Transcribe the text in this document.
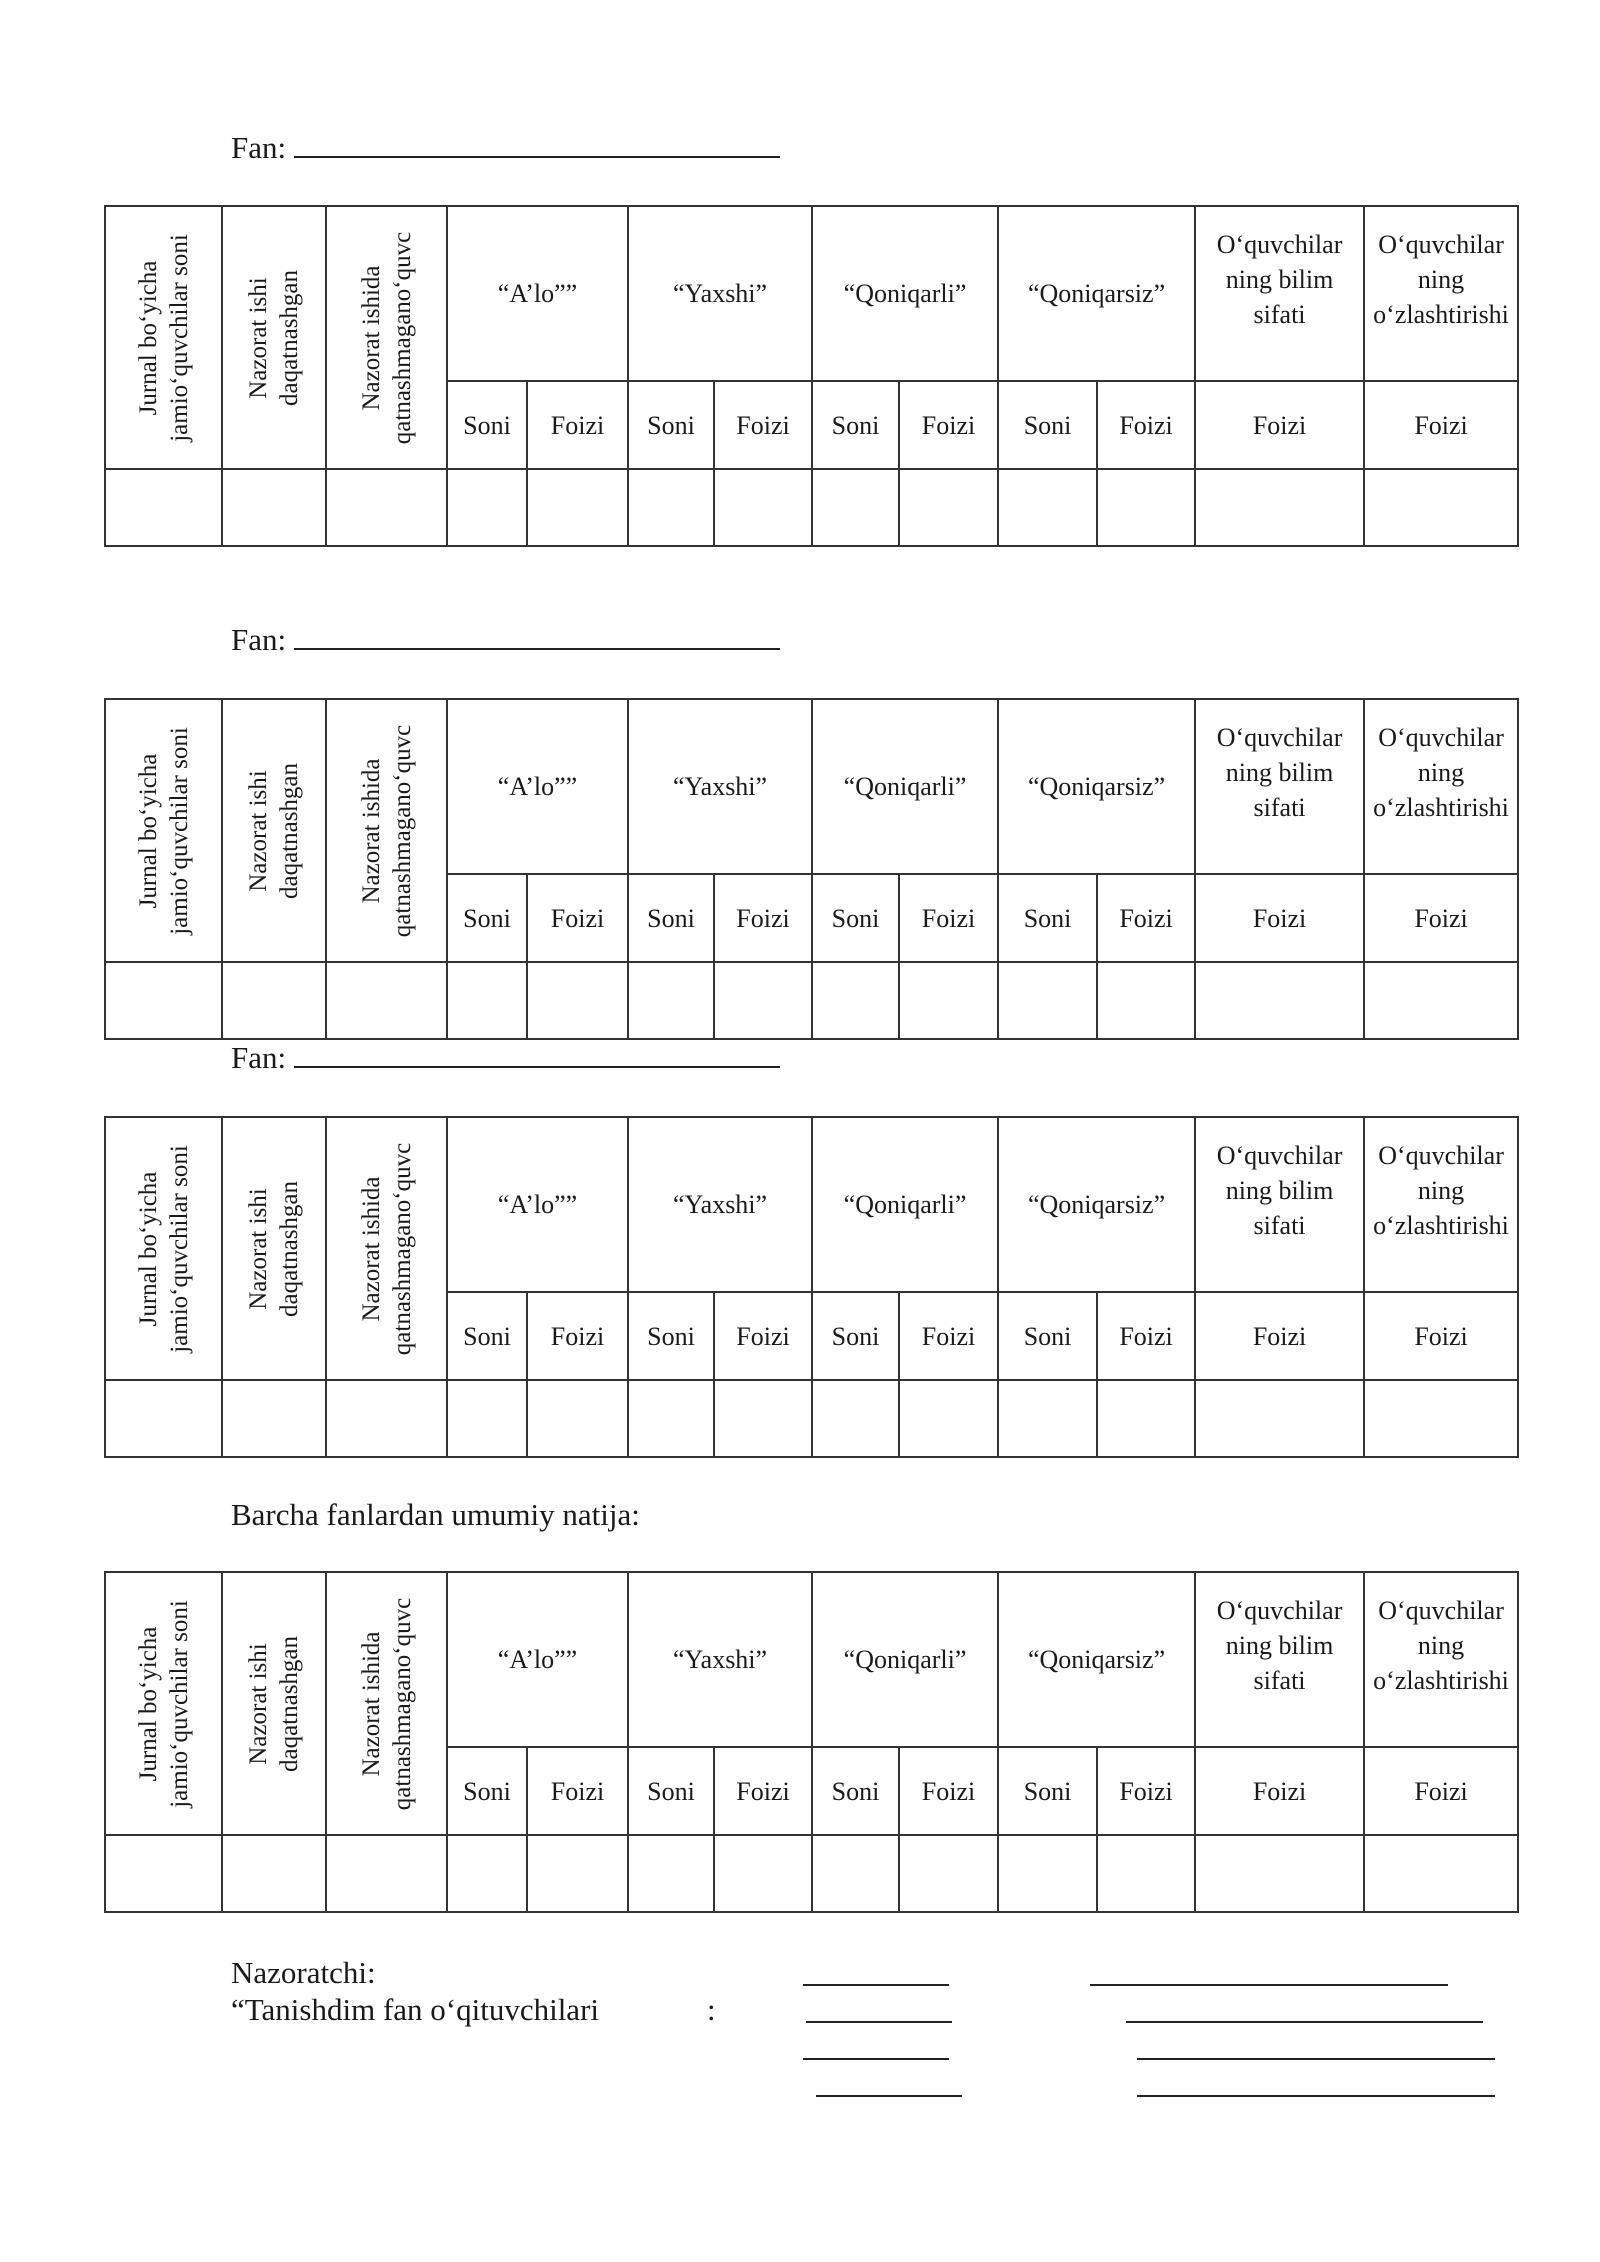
Fan:
Jurnal bo‘yicha jamio‘quvchilar soni	Nazorat ishi daqatnashgan	Nazorat ishida qatnashmagano‘quvc	“A’lo””		“Yaxshi”		“Qoniqarli”		“Qoniqarsiz”		O‘quvchilar
ning bilim
sifati	O‘quvchilar
ning
o‘zlashtirishi
			Soni	Foizi	Soni	Foizi	Soni	Foizi	Soni	Foizi	Foizi	Foizi

Fan:
Jurnal bo‘yicha jamio‘quvchilar soni	Nazorat ishi daqatnashgan	Nazorat ishida qatnashmagano‘quvc	“A’lo””		“Yaxshi”		“Qoniqarli”		“Qoniqarsiz”		O‘quvchilar
ning bilim
sifati	O‘quvchilar
ning
o‘zlashtirishi
			Soni	Foizi	Soni	Foizi	Soni	Foizi	Soni	Foizi	Foizi	Foizi

Fan:
Jurnal bo‘yicha jamio‘quvchilar soni	Nazorat ishi daqatnashgan	Nazorat ishida qatnashmagano‘quvc	“A’lo””		“Yaxshi”		“Qoniqarli”		“Qoniqarsiz”		O‘quvchilar
ning bilim
sifati	O‘quvchilar
ning
o‘zlashtirishi
			Soni	Foizi	Soni	Foizi	Soni	Foizi	Soni	Foizi	Foizi	Foizi

Barcha fanlardan umumiy natija:
Jurnal bo‘yicha jamio‘quvchilar soni	Nazorat ishi daqatnashgan	Nazorat ishida qatnashmagano‘quvc	“A’lo””		“Yaxshi”		“Qoniqarli”		“Qoniqarsiz”		O‘quvchilar
ning bilim
sifati	O‘quvchilar
ning
o‘zlashtirishi
			Soni	Foizi	Soni	Foizi	Soni	Foizi	Soni	Foizi	Foizi	Foizi

Nazoratchi:
“Tanishdim fan o‘qituvchilari	:
